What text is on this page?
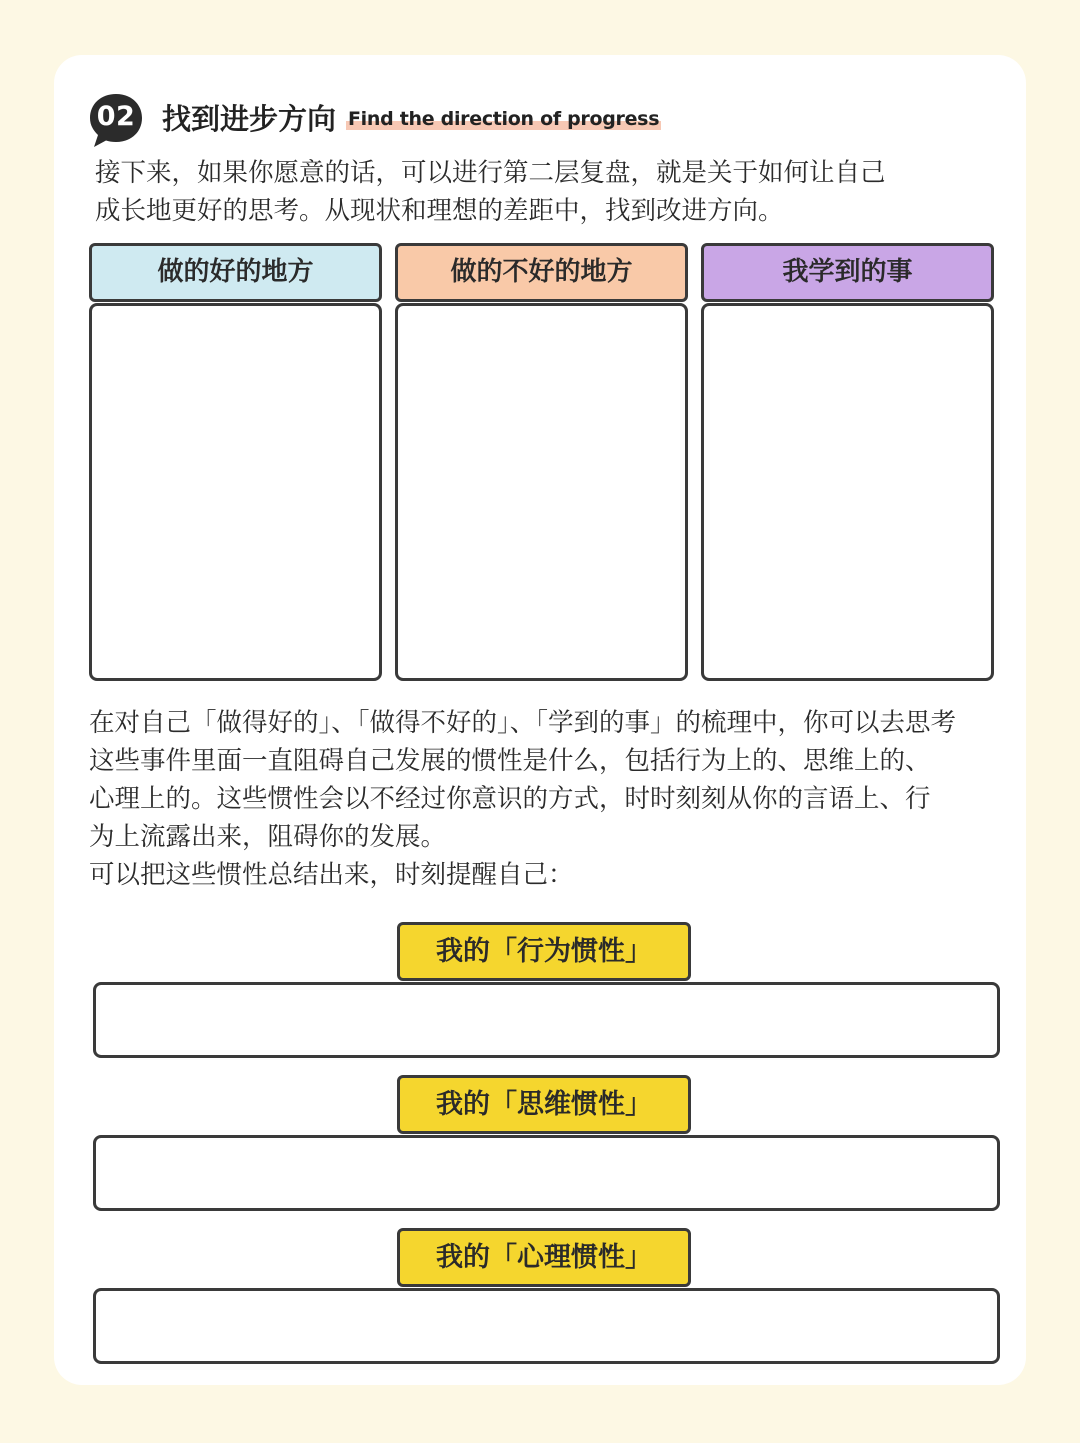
02 找到进步方向 Find the direction of progress

接下来，如果你愿意的话，可以进行第二层复盘，就是关于如何让自己
成长地更好的思考。从现状和理想的差距中，找到改进方向。

做的好的地方	做的不好的地方	我学到的事

在对自己「做得好的」、「做得不好的」、「学到的事」的梳理中，你可以去思考
这些事件里面一直阻碍自己发展的惯性是什么，包括行为上的、思维上的、
心理上的。这些惯性会以不经过你意识的方式，时时刻刻从你的言语上、行
为上流露出来，阻碍你的发展。
可以把这些惯性总结出来，时刻提醒自己：

我的「行为惯性」
我的「思维惯性」
我的「心理惯性」
